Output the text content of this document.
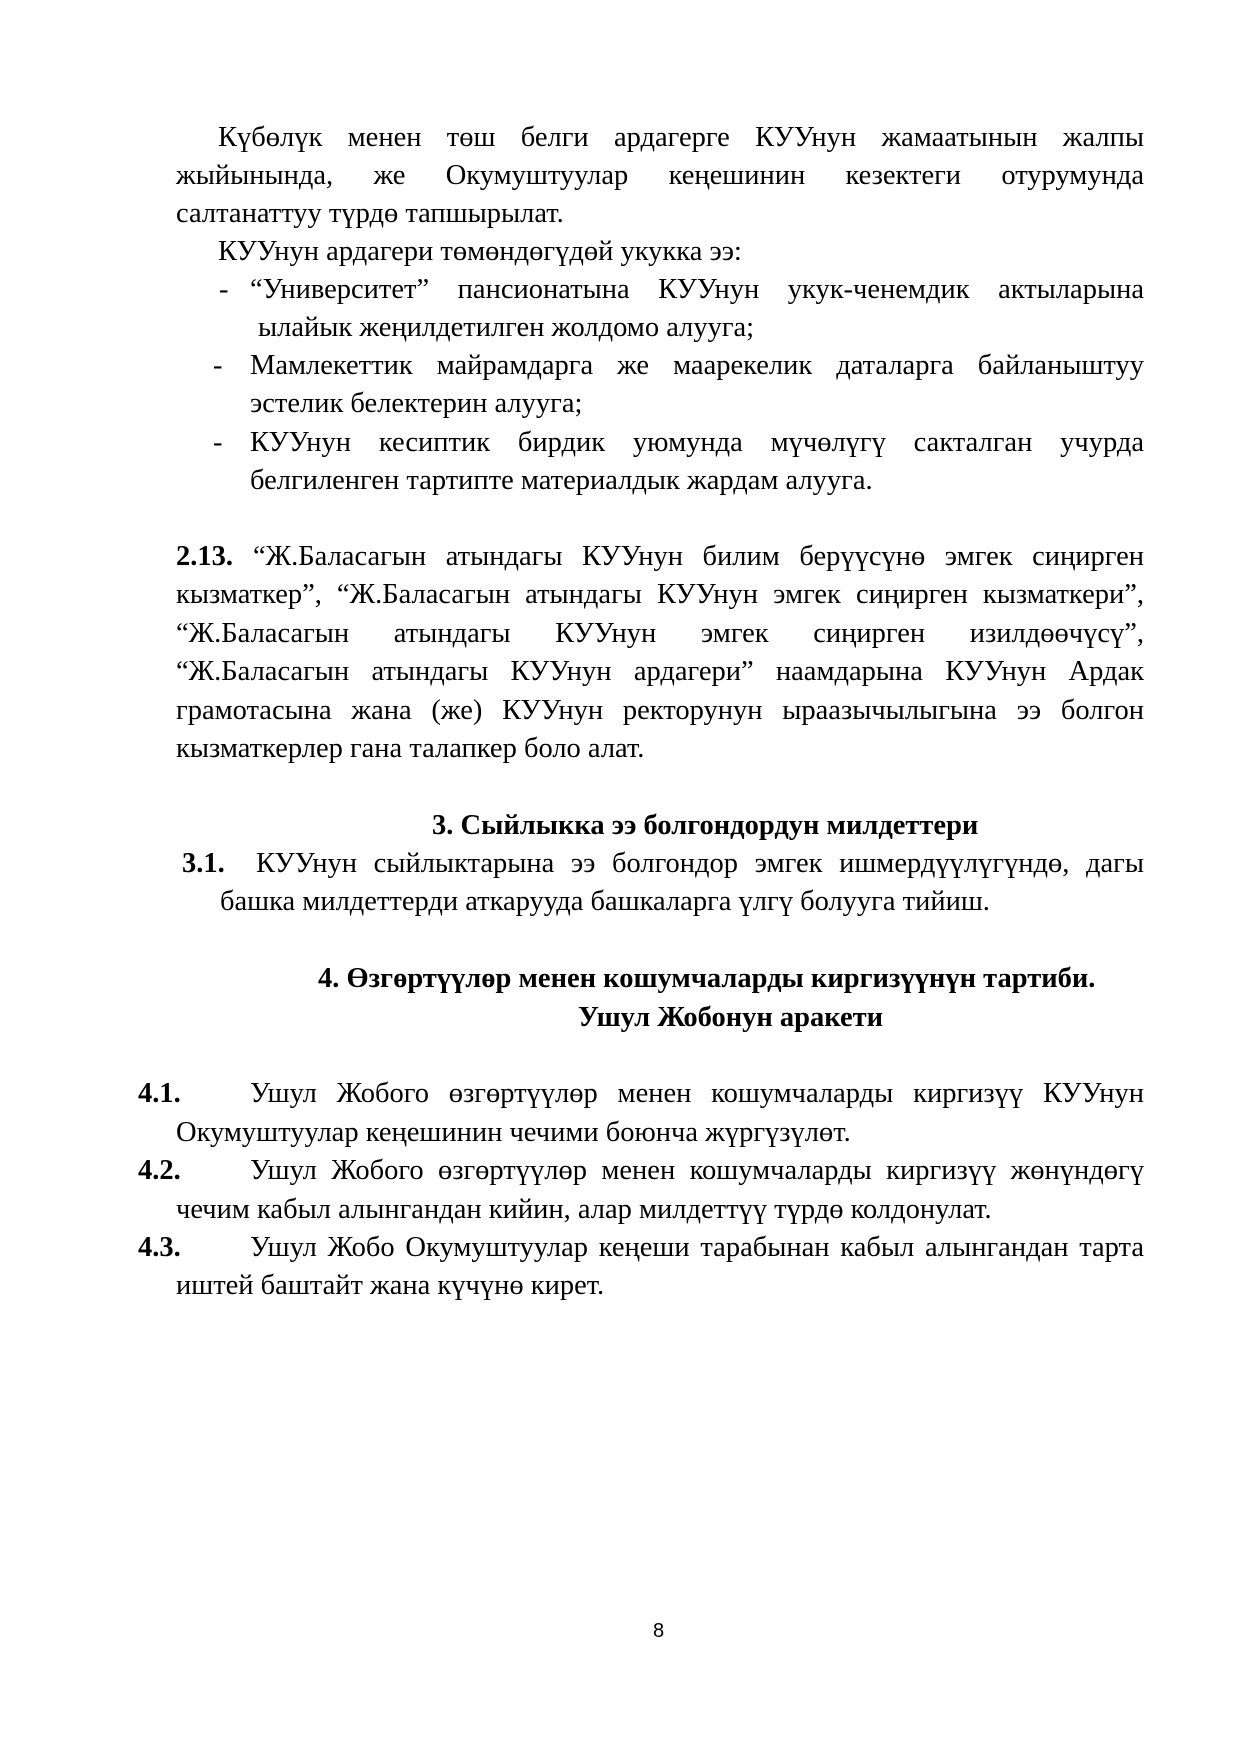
Күбөлүк менен төш белги ардагерге КУУнун жамаатынын жалпы
жыйынында, же Окумуштуулар кеңешинин кезектеги отурумунда
салтанаттуу түрдө тапшырылат.
КУУнун ардагери төмөндөгүдөй укукка ээ:
- “Университет” пансионатына КУУнун укук-ченемдик актыларына
ылайык жеңилдетилген жолдомо алууга;
- Мамлекеттик майрамдарга же маарекелик даталарга байланыштуу
эстелик белектерин алууга;
- КУУнун кесиптик бирдик уюмунда мүчөлүгү сакталган учурда
белгиленген тартипте материалдык жардам алууга.
2.13. “Ж.Баласагын атындагы КУУнун билим берүүсүнө эмгек сиңирген
кызматкер”, “Ж.Баласагын атындагы КУУнун эмгек сиңирген кызматкери”,
“Ж.Баласагын атындагы КУУнун эмгек сиңирген изилдөөчүсү”,
“Ж.Баласагын атындагы КУУнун ардагери” наамдарына КУУнун Ардак
грамотасына жана (же) КУУнун ректорунун ыраазычылыгына ээ болгон
кызматкерлер гана талапкер боло алат.
3. Сыйлыкка ээ болгондордун милдеттери
3.1. КУУнун сыйлыктарына ээ болгондор эмгек ишмердүүлүгүндө, дагы
башка милдеттерди аткарууда башкаларга үлгү болууга тийиш.
4. Өзгөртүүлөр менен кошумчаларды киргизүүнүн тартиби.
Ушул Жобонун аракети
4.1. Ушул Жобого өзгөртүүлөр менен кошумчаларды киргизүү КУУнун
Окумуштуулар кеңешинин чечими боюнча жүргүзүлөт.
4.2. Ушул Жобого өзгөртүүлөр менен кошумчаларды киргизүү жөнүндөгү
чечим кабыл алынгандан кийин, алар милдеттүү түрдө колдонулат.
4.3. Ушул Жобо Окумуштуулар кеңеши тарабынан кабыл алынгандан тарта
иштей баштайт жана күчүнө кирет.
8
